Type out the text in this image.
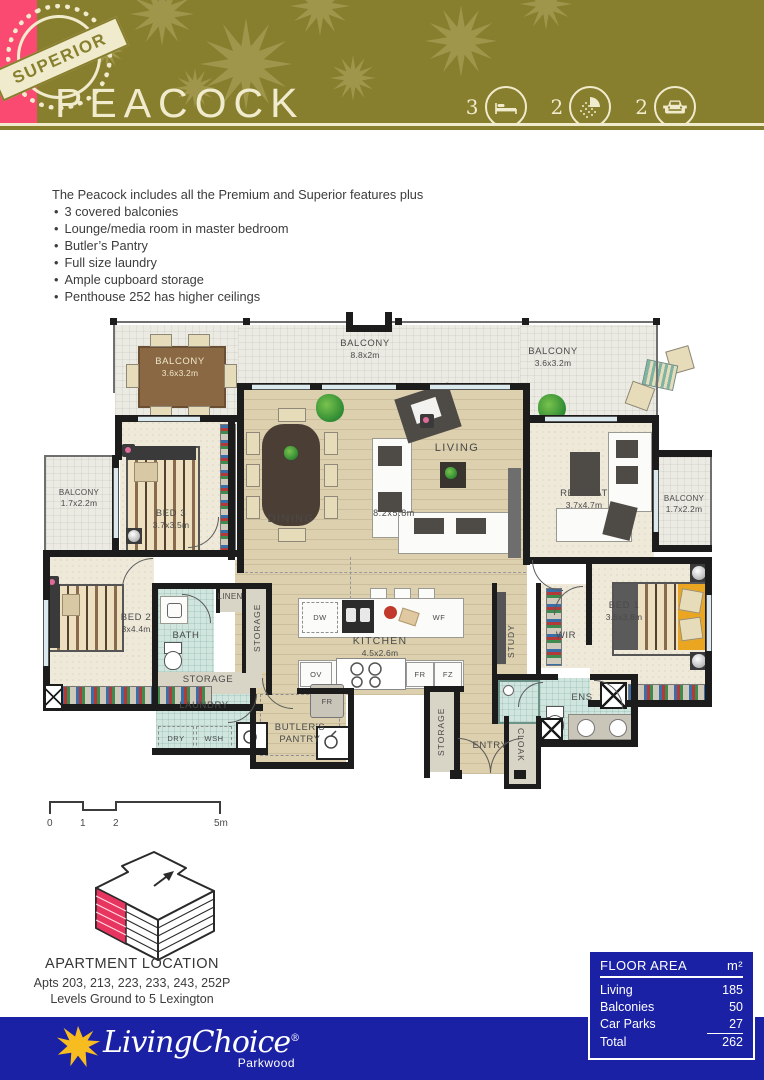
SUPERIOR
PEACOCK	3	2	2
The Peacock includes all the Premium and Superior features plus
• 3 covered balconies
• Lounge/media room in master bedroom
• Butler’s Pantry
• Full size laundry
• Ample cupboard storage
• Penthouse 252 has higher ceilings
DW	WF
OV	FR FZ
FR
DRY	WSH
BALCONY
3.6x3.2m
BALCONY
8.8x2m	BALCONY
3.6x3.2m
LIVING
8.2x5.8m
DINING
BED 3
3.7x3.5m
BALCONY
1.7x2.2m
BED 2
3x4.4m
BATH
LINEN
STORAGE
STORAGE
LAUNDRY
BUTLER'S PANTRY
KITCHEN
4.5x2.6m
STORAGE	ENTRY CLOAK
ENS
STUDY	WIR
BED 1
3.5x3.8m
RETREAT
3.7x4.7m
BALCONY
1.7x2.2m
0	1	2	5m
APARTMENT LOCATION
Apts 203, 213, 223, 233, 243, 252P
Levels Ground to 5 Lexington
LivingChoice®
Parkwood
FLOOR AREA	m²
Living	185
Balconies	50
Car Parks	27
Total	262
